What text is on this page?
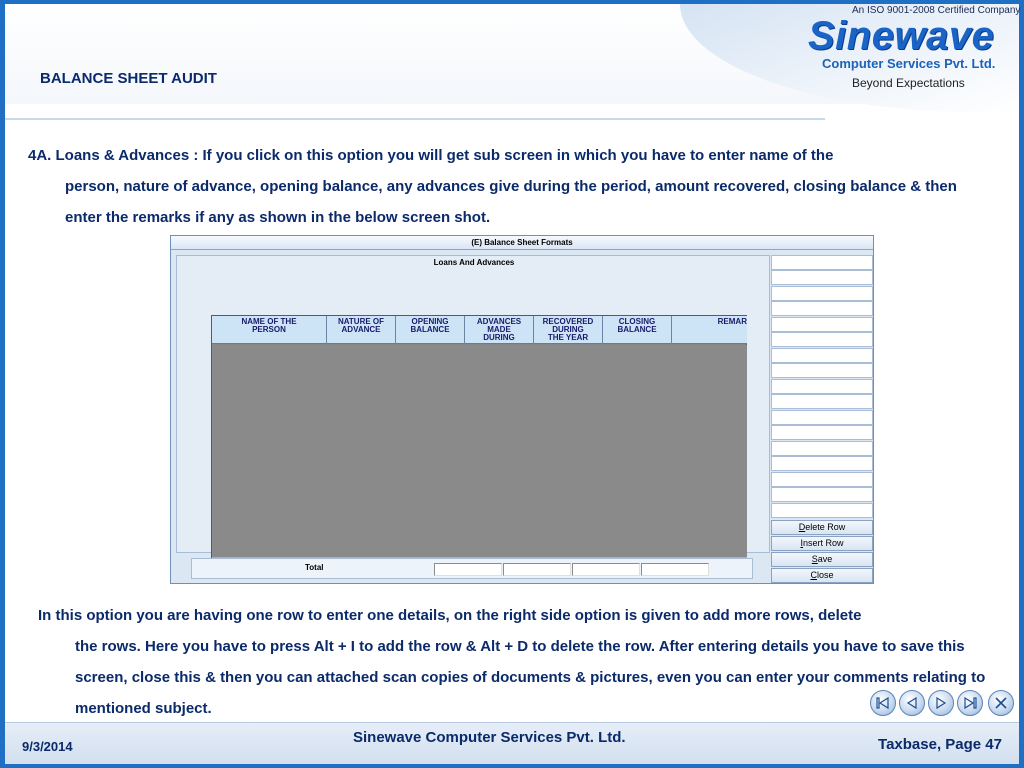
BALANCE SHEET AUDIT
An ISO 9001-2008 Certified Company
Sinewave
Computer Services Pvt. Ltd.
Beyond Expectations
4A. Loans & Advances : If you click on this option you will get sub screen in which you have to enter name of the
person, nature of advance, opening balance, any advances give during the period, amount recovered, closing balance & then enter the remarks if any as shown in the below screen shot.
(E) Balance Sheet Formats
Loans And Advances
NAME OF THE
PERSON
NATURE OF
ADVANCE
OPENING
BALANCE
ADVANCES
MADE
DURING
RECOVERED
DURING
THE YEAR
CLOSING
BALANCE
REMAR
Total
Delete Row
Insert Row
Save
Close
In this option you are having one row to enter one details, on the right side option is given to add more rows, delete
the rows. Here you have to press Alt + I to add the row & Alt + D to delete the row. After entering details you have to save this screen, close this & then you can attached scan copies of documents & pictures, even you can enter your comments relating to mentioned subject.
9/3/2014
Sinewave Computer Services Pvt. Ltd.	Taxbase, Page 47
